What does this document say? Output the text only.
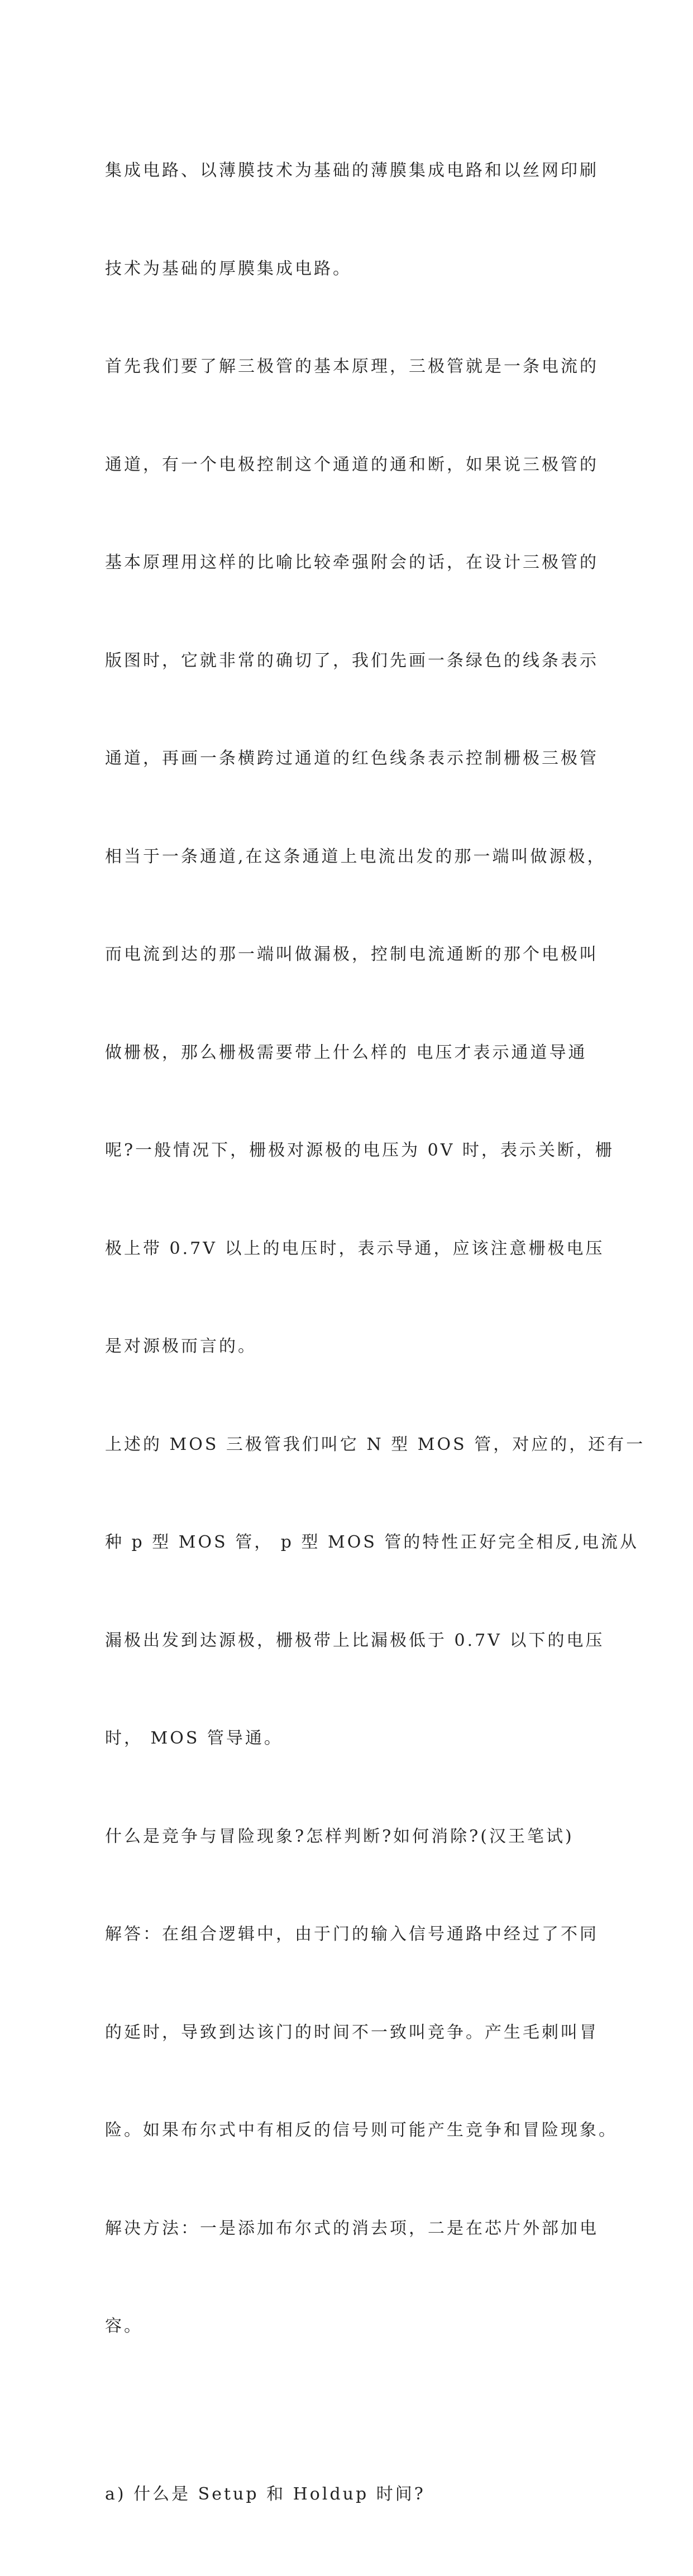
集成电路、以薄膜技术为基础的薄膜集成电路和以丝网印刷

技术为基础的厚膜集成电路。

首先我们要了解三极管的基本原理，三极管就是一条电流的

通道，有一个电极控制这个通道的通和断，如果说三极管的

基本原理用这样的比喻比较牵强附会的话，在设计三极管的

版图时，它就非常的确切了，我们先画一条绿色的线条表示

通道，再画一条横跨过通道的红色线条表示控制栅极三极管

相当于一条通道,在这条通道上电流出发的那一端叫做源极，

而电流到达的那一端叫做漏极，控制电流通断的那个电极叫

做栅极，那么栅极需要带上什么样的 电压才表示通道导通

呢?一般情况下，栅极对源极的电压为 0V 时，表示关断，栅

极上带 0.7V 以上的电压时，表示导通，应该注意栅极电压

是对源极而言的。

上述的 MOS 三极管我们叫它 N 型 MOS 管，对应的，还有一

种 p 型 MOS 管， p 型 MOS 管的特性正好完全相反,电流从

漏极出发到达源极，栅极带上比漏极低于 0.7V 以下的电压

时， MOS 管导通。

什么是竞争与冒险现象?怎样判断?如何消除?(汉王笔试)

解答：在组合逻辑中，由于门的输入信号通路中经过了不同

的延时，导致到达该门的时间不一致叫竞争。产生毛刺叫冒

险。如果布尔式中有相反的信号则可能产生竞争和冒险现象。

解决方法：一是添加布尔式的消去项，二是在芯片外部加电

容。

a) 什么是 Setup 和 Holdup 时间?
